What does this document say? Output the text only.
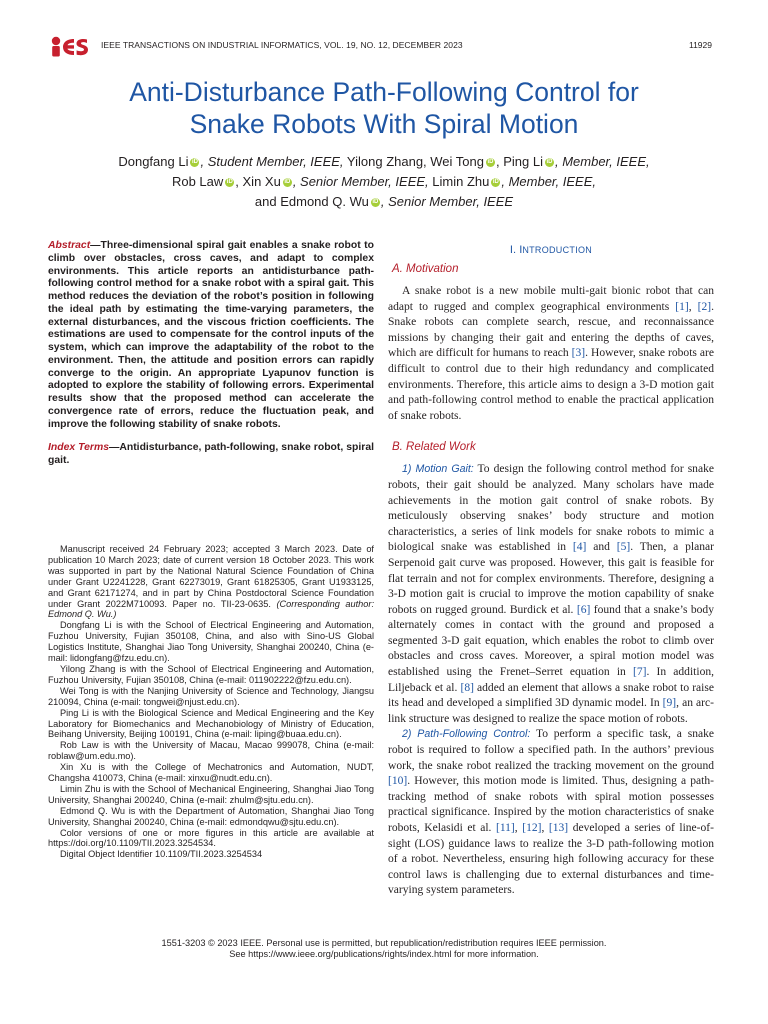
IEEE TRANSACTIONS ON INDUSTRIAL INFORMATICS, VOL. 19, NO. 12, DECEMBER 2023	11929
Anti-Disturbance Path-Following Control for
Snake Robots With Spiral Motion
Dongfang Li iD , Student Member, IEEE, Yilong Zhang, Wei Tong iD , Ping Li iD , Member, IEEE,
Rob Law iD , Xin Xu iD , Senior Member, IEEE, Limin Zhu iD , Member, IEEE,
and Edmond Q. Wu iD , Senior Member, IEEE

Abstract—Three-dimensional spiral gait enables a snake robot to climb over obstacles, cross caves, and adapt to complex environments. This article reports an antidisturbance path-following control method for a snake robot with a spiral gait. This method reduces the deviation of the robot’s position in following the ideal path by estimating the time-varying parameters, the external disturbances, and the viscous friction coefficients. The estimations are used to compensate for the control inputs of the system, which can improve the adaptability of the robot to the environment. Then, the attitude and position errors can rapidly converge to the origin. An appropriate Lyapunov function is adopted to explore the stability of following errors. Experimental results show that the proposed method can accelerate the convergence rate of errors, reduce the fluctuation peak, and improve the following stability of snake robots.

Index Terms—Antidisturbance, path-following, snake robot, spiral gait.

Manuscript received 24 February 2023; accepted 3 March 2023. Date of publication 10 March 2023; date of current version 18 October 2023. This work was supported in part by the National Natural Science Foundation of China under Grant U2241228, Grant 62273019, Grant 61825305, Grant U1933125, and Grant 62171274, and in part by China Postdoctoral Science Foundation under Grant 2022M710093. Paper no. TII-23-0635. (Corresponding author: Edmond Q. Wu.)

Dongfang Li is with the School of Electrical Engineering and Automation, Fuzhou University, Fujian 350108, China, and also with Sino-US Global Logistics Institute, Shanghai Jiao Tong University, Shanghai 200240, China (e-mail: lidongfang@fzu.edu.cn).

Yilong Zhang is with the School of Electrical Engineering and Automation, Fuzhou University, Fujian 350108, China (e-mail: 011902222@fzu.edu.cn).

Wei Tong is with the Nanjing University of Science and Technology, Jiangsu 210094, China (e-mail: tongwei@njust.edu.cn).

Ping Li is with the Biological Science and Medical Engineering and the Key Laboratory for Biomechanics and Mechanobiology of Ministry of Education, Beihang University, Beijing 100191, China (e-mail: liping@buaa.edu.cn).

Rob Law is with the University of Macau, Macao 999078, China (e-mail: roblaw@um.edu.mo).

Xin Xu is with the College of Mechatronics and Automation, NUDT, Changsha 410073, China (e-mail: xinxu@nudt.edu.cn).

Limin Zhu is with the School of Mechanical Engineering, Shanghai Jiao Tong University, Shanghai 200240, China (e-mail: zhulm@sjtu.edu.cn).

Edmond Q. Wu is with the Department of Automation, Shanghai Jiao Tong University, Shanghai 200240, China (e-mail: edmondqwu@sjtu.edu.cn).

Color versions of one or more figures in this article are available at https://doi.org/10.1109/TII.2023.3254534.

Digital Object Identifier 10.1109/TII.2023.3254534

I. INTRODUCTION
A. Motivation

A snake robot is a new mobile multi-gait bionic robot that can adapt to rugged and complex geographical environments [1], [2]. Snake robots can complete search, rescue, and reconnaissance missions by changing their gait and entering the depths of caves, which are difficult for humans to reach [3]. However, snake robots are difficult to control due to their high redundancy and complicated environments. Therefore, this article aims to design a 3-D motion gait and path-following control method to enable the practical application of snake robots.

B. Related Work

1) Motion Gait: To design the following control method for snake robots, their gait should be analyzed. Many scholars have made achievements in the motion gait control of snake robots. By meticulously observing snakes’ body structure and motion characteristics, a series of link models for snake robots to mimic a biological snake was established in [4] and [5]. Then, a planar Serpenoid gait curve was proposed. However, this gait is feasible for flat terrain and not for complex environments. Therefore, designing a 3-D motion gait is crucial to improve the motion capability of snake robots on rugged ground. Burdick et al. [6] found that a snake’s body alternately comes in contact with the ground and proposed a segmented 3-D gait equation, which enables the robot to climb over obstacles and cross caves. Moreover, a spiral motion model was established using the Frenet–Serret equation in [7]. In addition, Liljeback et al. [8] added an element that allows a snake robot to raise its head and developed a simplified 3D dynamic model. In [9], an arc-link structure was designed to realize the space motion of robots.

2) Path-Following Control: To perform a specific task, a snake robot is required to follow a specified path. In the authors’ previous work, the snake robot realized the tracking movement on the ground [10]. However, this motion mode is limited. Thus, designing a path-tracking method of snake robots with spiral motion possesses practical significance. Inspired by the motion characteristics of snake robots, Kelasidi et al. [11], [12], [13] developed a series of line-of-sight (LOS) guidance laws to realize the 3-D path-following motion of a robot. Nevertheless, ensuring high following accuracy for these control laws is challenging due to external disturbances and time-varying system parameters.

1551-3203 © 2023 IEEE. Personal use is permitted, but republication/redistribution requires IEEE permission.
See https://www.ieee.org/publications/rights/index.html for more information.
